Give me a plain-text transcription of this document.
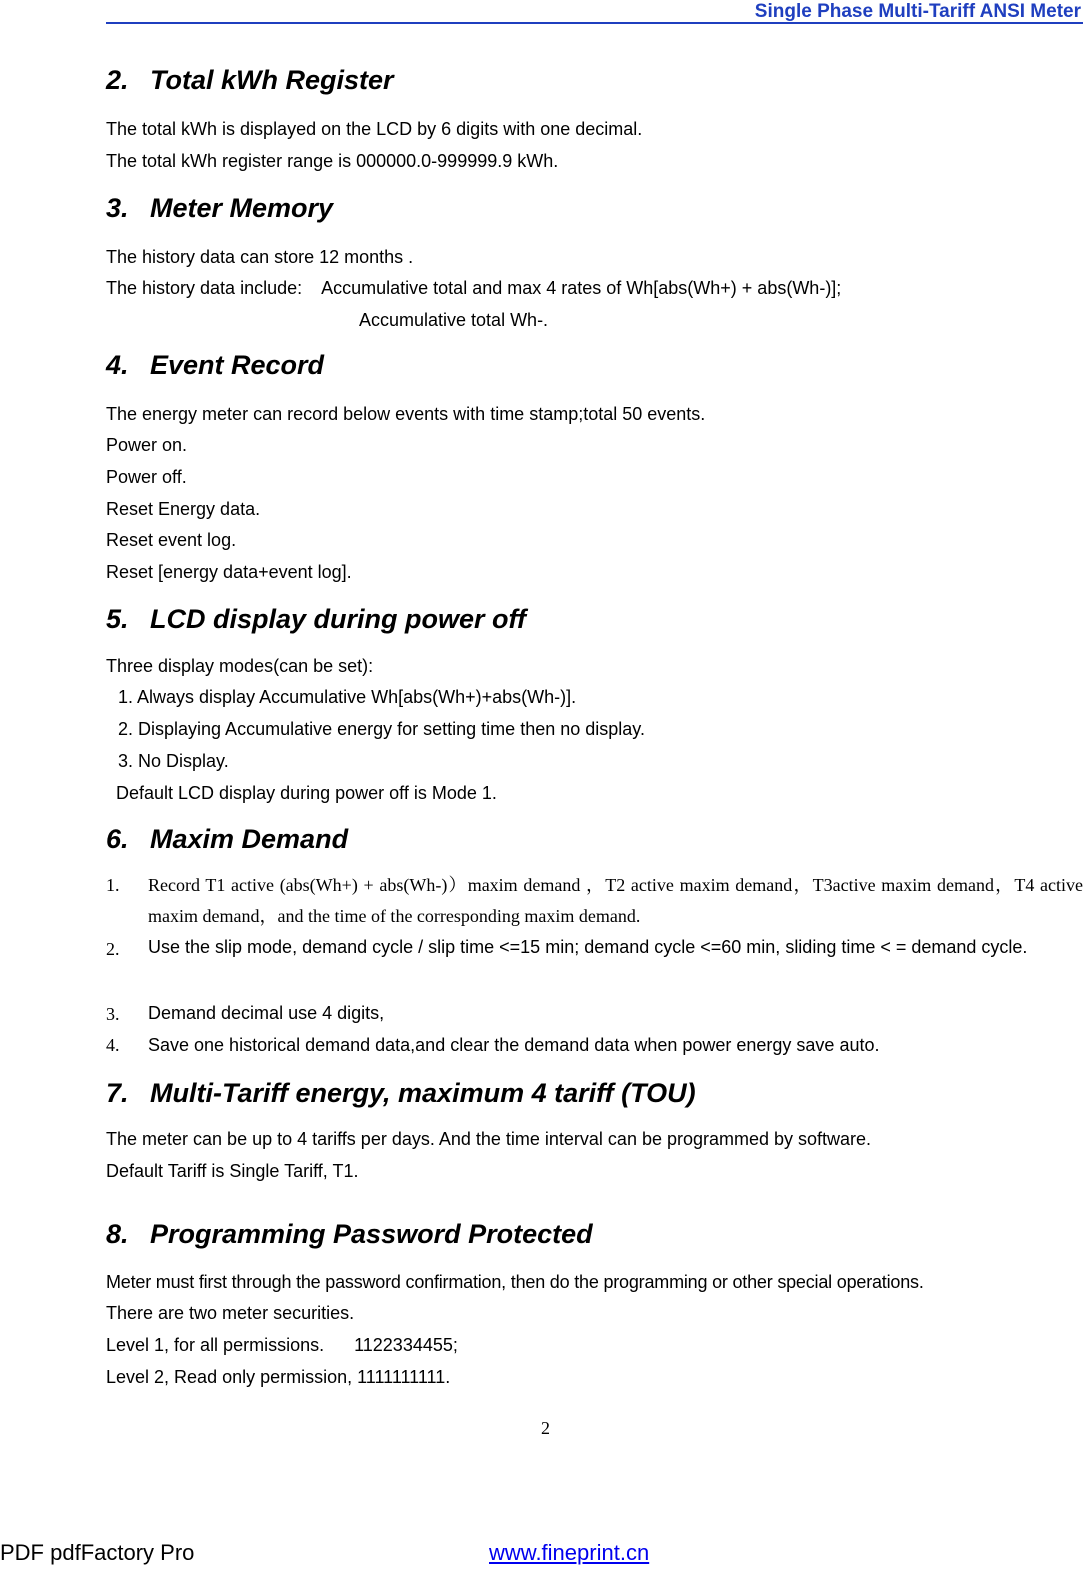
Single Phase Multi-Tariff ANSI Meter
2. Total kWh Register
The total kWh is displayed on the LCD by 6 digits with one decimal.
The total kWh register range is 000000.0-999999.9 kWh.
3. Meter Memory
The history data can store 12 months .
The history data include:    Accumulative total and max 4 rates of Wh[abs(Wh+) + abs(Wh-)];
Accumulative total Wh-.
4. Event Record
The energy meter can record below events with time stamp;total 50 events.
Power on.
Power off.
Reset Energy data.
Reset event log.
Reset [energy data+event log].
5. LCD display during power off
Three display modes(can be set):
1. Always display Accumulative Wh[abs(Wh+)+abs(Wh-)].
2. Displaying Accumulative energy for setting time then no display.
3. No Display.
Default LCD display during power off is Mode 1.
6. Maxim Demand
1. Record T1 active (abs(Wh+) + abs(Wh-)）maxim demand ，T2 active maxim demand，T3active maxim demand，T4 active maxim demand，and the time of the corresponding maxim demand.
2. Use the slip mode, demand cycle / slip time <=15 min; demand cycle <=60 min, sliding time < = demand cycle.
3. Demand decimal use 4 digits,
4. Save one historical demand data,and clear the demand data when power energy save auto.
7. Multi-Tariff energy, maximum 4 tariff (TOU)
The meter can be up to 4 tariffs per days. And the time interval can be programmed by software.
Default Tariff is Single Tariff, T1.
8. Programming Password Protected
Meter must first through the password confirmation, then do the programming or other special operations.
There are two meter securities.
Level 1, for all permissions.      1122334455;
Level 2, Read only permission, 1111111111.
2
PDF pdfFactory Pro	www.fineprint.cn
